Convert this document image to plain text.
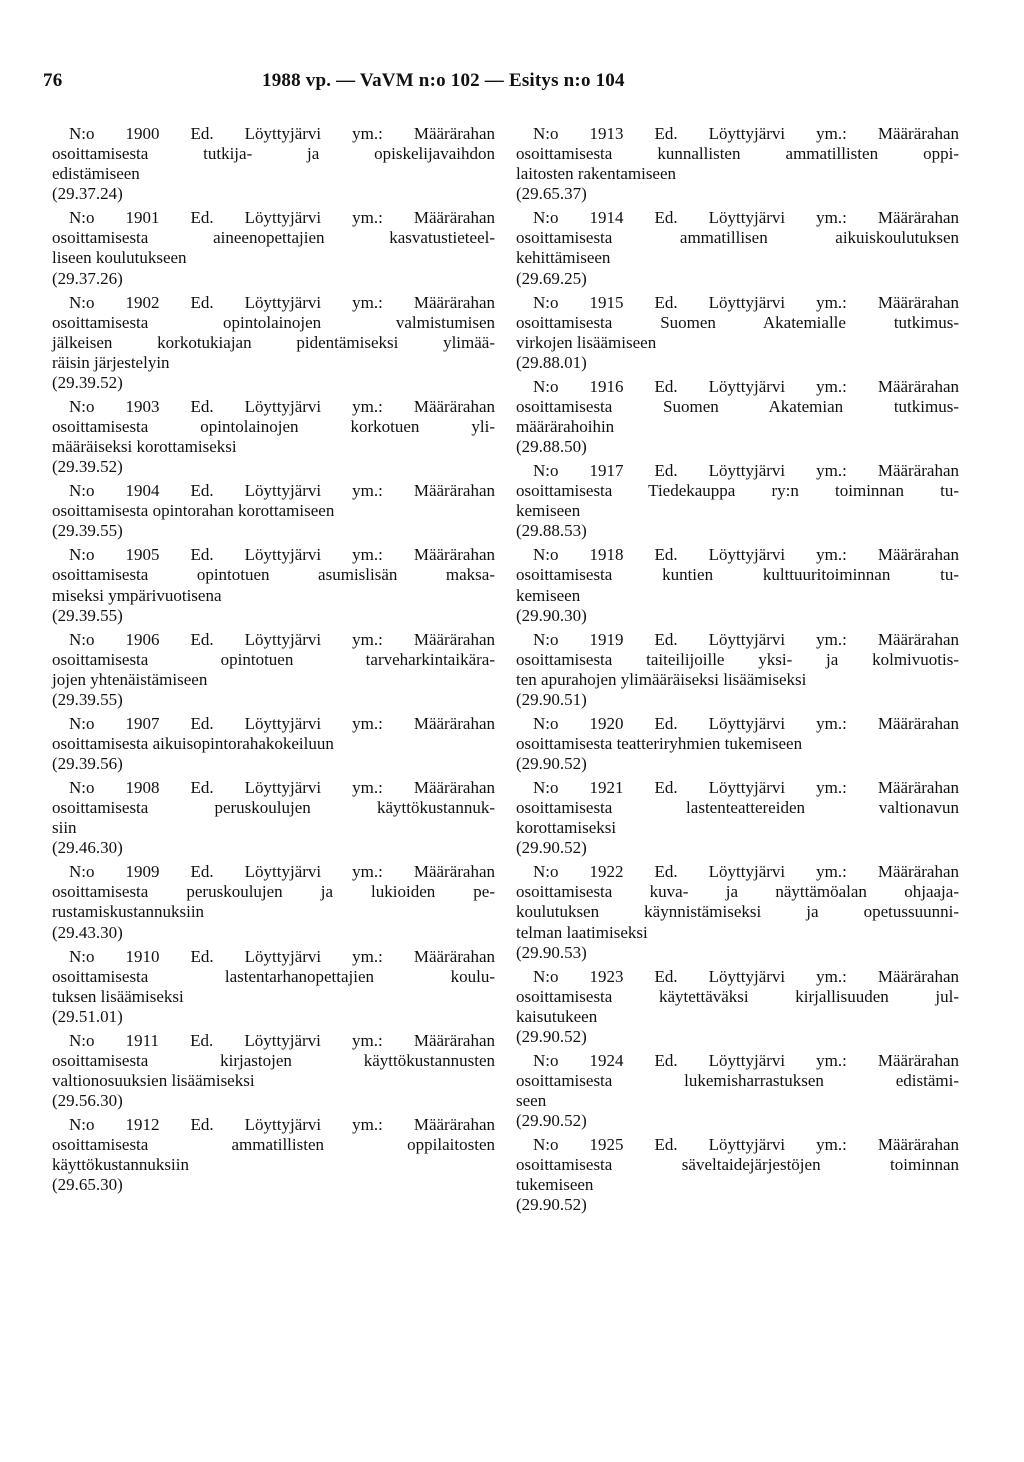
76	1988 vp. — VaVM n:o 102 — Esitys n:o 104
N:o 1900 Ed. Löyttyjärvi ym.: Määrärahan
osoittamisesta tutkija- ja opiskelijavaihdon
edistämiseen
(29.37.24)
N:o 1901 Ed. Löyttyjärvi ym.: Määrärahan
osoittamisesta aineenopettajien kasvatustieteel-
liseen koulutukseen
(29.37.26)
N:o 1902 Ed. Löyttyjärvi ym.: Määrärahan
osoittamisesta opintolainojen valmistumisen
jälkeisen korkotukiajan pidentämiseksi ylimää-
räisin järjestelyin
(29.39.52)
N:o 1903 Ed. Löyttyjärvi ym.: Määrärahan
osoittamisesta opintolainojen korkotuen yli-
määräiseksi korottamiseksi
(29.39.52)
N:o 1904 Ed. Löyttyjärvi ym.: Määrärahan
osoittamisesta opintorahan korottamiseen
(29.39.55)
N:o 1905 Ed. Löyttyjärvi ym.: Määrärahan
osoittamisesta opintotuen asumislisän maksa-
miseksi ympärivuotisena
(29.39.55)
N:o 1906 Ed. Löyttyjärvi ym.: Määrärahan
osoittamisesta opintotuen tarveharkintaikära-
jojen yhtenäistämiseen
(29.39.55)
N:o 1907 Ed. Löyttyjärvi ym.: Määrärahan
osoittamisesta aikuisopintorahakokeiluun
(29.39.56)
N:o 1908 Ed. Löyttyjärvi ym.: Määrärahan
osoittamisesta peruskoulujen käyttökustannuk-
siin
(29.46.30)
N:o 1909 Ed. Löyttyjärvi ym.: Määrärahan
osoittamisesta peruskoulujen ja lukioiden pe-
rustamiskustannuksiin
(29.43.30)
N:o 1910 Ed. Löyttyjärvi ym.: Määrärahan
osoittamisesta lastentarhanopettajien koulu-
tuksen lisäämiseksi
(29.51.01)
N:o 1911 Ed. Löyttyjärvi ym.: Määrärahan
osoittamisesta kirjastojen käyttökustannusten
valtionosuuksien lisäämiseksi
(29.56.30)
N:o 1912 Ed. Löyttyjärvi ym.: Määrärahan
osoittamisesta ammatillisten oppilaitosten
käyttökustannuksiin
(29.65.30)
N:o 1913 Ed. Löyttyjärvi ym.: Määrärahan
osoittamisesta kunnallisten ammatillisten oppi-
laitosten rakentamiseen
(29.65.37)
N:o 1914 Ed. Löyttyjärvi ym.: Määrärahan
osoittamisesta ammatillisen aikuiskoulutuksen
kehittämiseen
(29.69.25)
N:o 1915 Ed. Löyttyjärvi ym.: Määrärahan
osoittamisesta Suomen Akatemialle tutkimus-
virkojen lisäämiseen
(29.88.01)
N:o 1916 Ed. Löyttyjärvi ym.: Määrärahan
osoittamisesta Suomen Akatemian tutkimus-
määrärahoihin
(29.88.50)
N:o 1917 Ed. Löyttyjärvi ym.: Määrärahan
osoittamisesta Tiedekauppa ry:n toiminnan tu-
kemiseen
(29.88.53)
N:o 1918 Ed. Löyttyjärvi ym.: Määrärahan
osoittamisesta kuntien kulttuuritoiminnan tu-
kemiseen
(29.90.30)
N:o 1919 Ed. Löyttyjärvi ym.: Määrärahan
osoittamisesta taiteilijoille yksi- ja kolmivuotis-
ten apurahojen ylimääräiseksi lisäämiseksi
(29.90.51)
N:o 1920 Ed. Löyttyjärvi ym.: Määrärahan
osoittamisesta teatteriryhmien tukemiseen
(29.90.52)
N:o 1921 Ed. Löyttyjärvi ym.: Määrärahan
osoittamisesta lastenteattereiden valtionavun
korottamiseksi
(29.90.52)
N:o 1922 Ed. Löyttyjärvi ym.: Määrärahan
osoittamisesta kuva- ja näyttämöalan ohjaaja-
koulutuksen käynnistämiseksi ja opetussuunni-
telman laatimiseksi
(29.90.53)
N:o 1923 Ed. Löyttyjärvi ym.: Määrärahan
osoittamisesta käytettäväksi kirjallisuuden jul-
kaisutukeen
(29.90.52)
N:o 1924 Ed. Löyttyjärvi ym.: Määrärahan
osoittamisesta lukemisharrastuksen edistämi-
seen
(29.90.52)
N:o 1925 Ed. Löyttyjärvi ym.: Määrärahan
osoittamisesta säveltaidejärjestöjen toiminnan
tukemiseen
(29.90.52)
